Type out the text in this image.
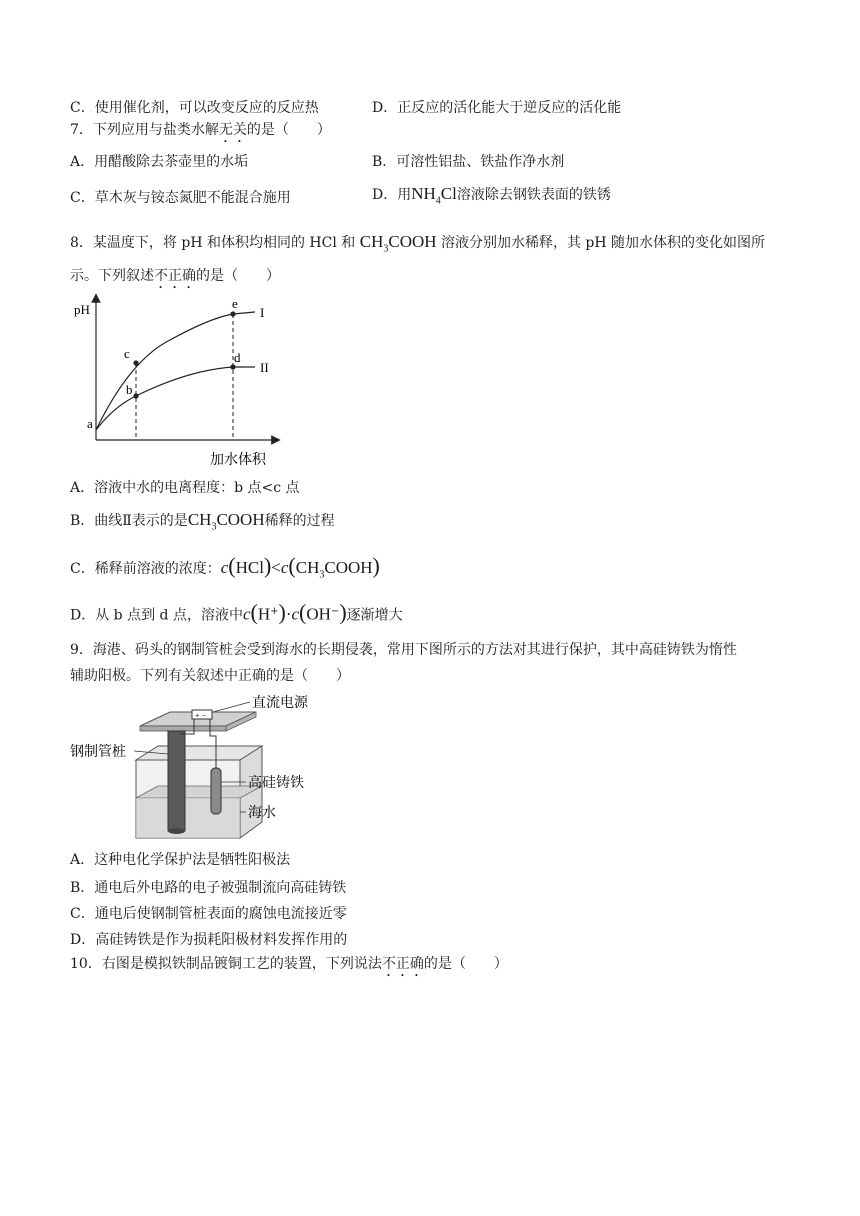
C．使用催化剂，可以改变反应的反应热	D．正反应的活化能大于逆反应的活化能
7．下列应用与盐类水解无关的是（　　）
A．用醋酸除去茶壶里的水垢	B．可溶性铝盐、铁盐作净水剂
C．草木灰与铵态氮肥不能混合施用	D．用$NH_4Cl$溶液除去钢铁表面的铁锈
8．某温度下，将 pH 和体积均相同的 HCl 和 $CH_3COOH$ 溶液分别加水稀释，其 pH 随加水体积的变化如图所
示。下列叙述不正确的是（　　）
pH
加水体积
a
b
c	d
e
I
II
A．溶液中水的电离程度：b 点<c 点
B．曲线Ⅱ表示的是$CH_3COOH$稀释的过程
C．稀释前溶液的浓度：$c(HCl)<c(CH_3COOH)$
D．从 b 点到 d 点，溶液中c(H+)·c(OH−)逐渐增大
9．海港、码头的钢制管桩会受到海水的长期侵袭，常用下图所示的方法对其进行保护，其中高硅铸铁为惰性
辅助阳极。下列有关叙述中正确的是（　　）
+ −
直流电源
钢制管桩
高硅铸铁
海水
A．这种电化学保护法是牺牲阳极法
B．通电后外电路的电子被强制流向高硅铸铁
C．通电后使钢制管桩表面的腐蚀电流接近零
D．高硅铸铁是作为损耗阳极材料发挥作用的
10．右图是模拟铁制品镀铜工艺的装置，下列说法不正确的是（　　）
